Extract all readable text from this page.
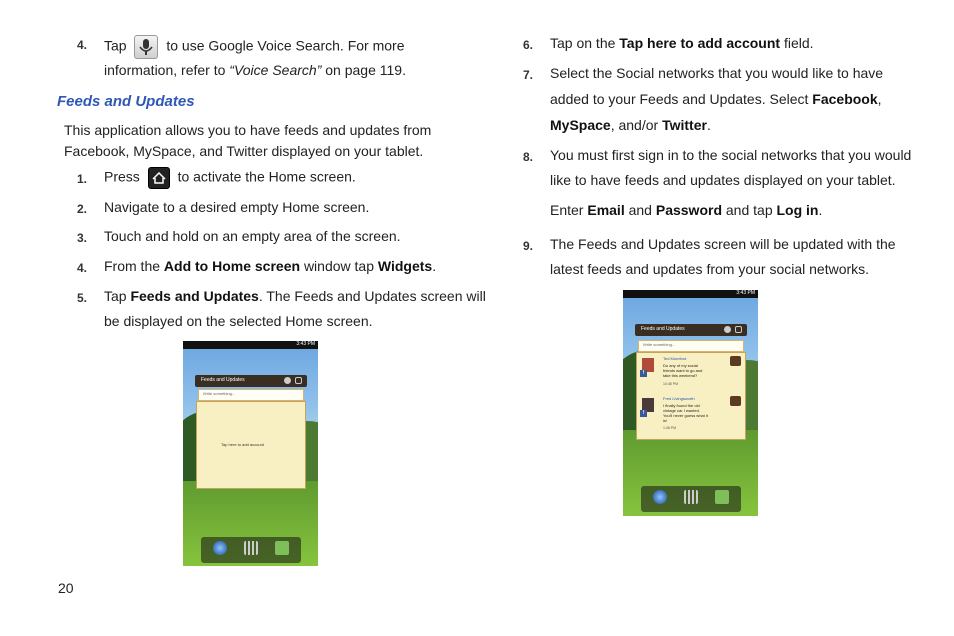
4. Tap	to use Google Voice Search. For more
information, refer to “Voice Search” on page 119.
Feeds and Updates
This application allows you to have feeds and updates from
Facebook, MySpace, and Twitter displayed on your tablet.
1. Press	to activate the Home screen.
2. Navigate to a desired empty Home screen.
3. Touch and hold on an empty area of the screen.
4. From the Add to Home screen window tap Widgets.
5. Tap Feeds and Updates. The Feeds and Updates screen will
be displayed on the selected Home screen.
3:43 PM
Feeds and Updates
Write something...
Tap here to add account
6. Tap on the Tap here to add account field.
7. Select the Social networks that you would like to have
added to your Feeds and Updates. Select Facebook,
MySpace, and/or Twitter.
8. You must first sign in to the social networks that you would
like to have feeds and updates displayed on your tablet.
Enter Email and Password and tap Log in.
9. The Feeds and Updates screen will be updated with the
latest feeds and updates from your social networks.
3:43 PM
Feeds and Updates
Write something...
f
Ted Mumford
Do any of my social
friends want to go and
take this weekend?
10:48 PM
f
Fred Livingsworth
I finally found the old
vintage car I wanted.
You'll never guess what it
is!
1:48 PM
20
